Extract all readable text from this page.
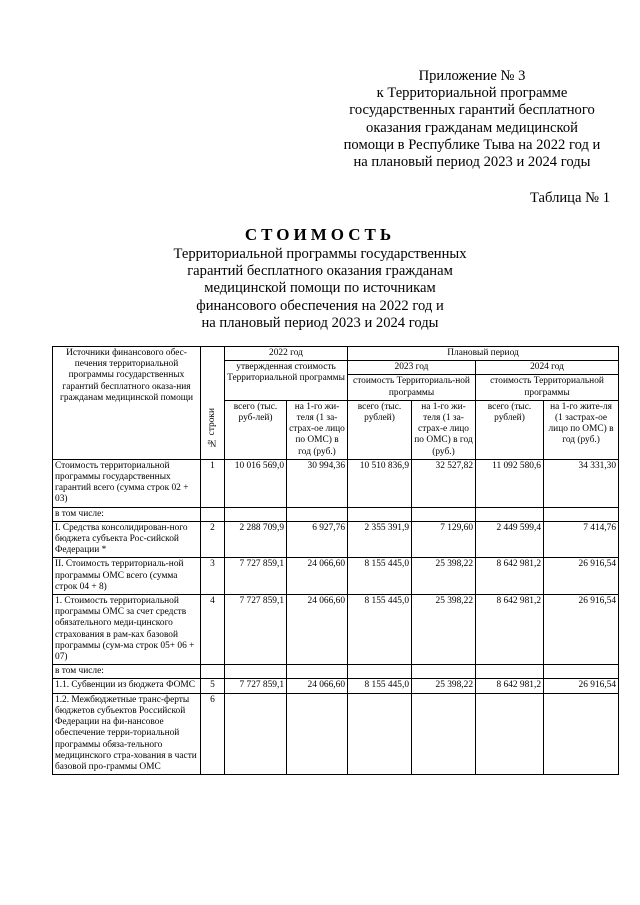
Приложение № 3
к Территориальной программе
государственных гарантий бесплатного
оказания гражданам медицинской
помощи в Республике Тыва на 2022 год и
на плановый период 2023 и 2024 годы
Таблица № 1
СТОИМОСТЬ
Территориальной программы государственных
гарантий бесплатного оказания гражданам
медицинской помощи по источникам
финансового обеспечения на 2022 год и
на плановый период 2023 и 2024 годы
Источники финансового обес-печения территориальной программы государственных гарантий бесплатного оказа-ния гражданам медицинской помощи	№ строки	2022 год		Плановый период			
		утвержденная стоимость Территориальной программы		2023 год		2024 год	
				стоимость Территориаль-ной программы		стоимость Территориальной программы	
		всего (тыс. руб-лей)	на 1-го жи-теля (1 за-страх-ое лицо по ОМС) в год (руб.)	всего (тыс. рублей)	на 1-го жи-теля (1 за-страх-е лицо по ОМС) в год (руб.)	всего (тыс. рублей)	на 1-го жите-ля (1 застрах-ое лицо по ОМС) в год (руб.)
Стоимость территориальной программы государственных гарантий всего (сумма строк 02 + 03)	1	10 016 569,0	30 994,36	10 510 836,9	32 527,82	11 092 580,6	34 331,30
в том числе:							
I. Средства консолидирован-ного бюджета субъекта Рос-сийской Федерации *	2	2 288 709,9	6 927,76	2 355 391,9	7 129,60	2 449 599,4	7 414,76
II. Стоимость территориаль-ной программы ОМС всего (сумма строк 04 + 8)	3	7 727 859,1	24 066,60	8 155 445,0	25 398,22	8 642 981,2	26 916,54
1. Стоимость территориальной программы ОМС за счет средств обязательного меди-цинского страхования в рам-ках базовой программы (сум-ма строк 05+ 06 + 07)	4	7 727 859,1	24 066,60	8 155 445,0	25 398,22	8 642 981,2	26 916,54
в том числе:							
1.1. Субвенции из бюджета ФОМС	5	7 727 859,1	24 066,60	8 155 445,0	25 398,22	8 642 981,2	26 916,54
1.2. Межбюджетные транс-ферты бюджетов субъектов Российской Федерации на фи-нансовое обеспечение терри-ториальной программы обяза-тельного медицинского стра-хования в части базовой про-граммы ОМС	6						
